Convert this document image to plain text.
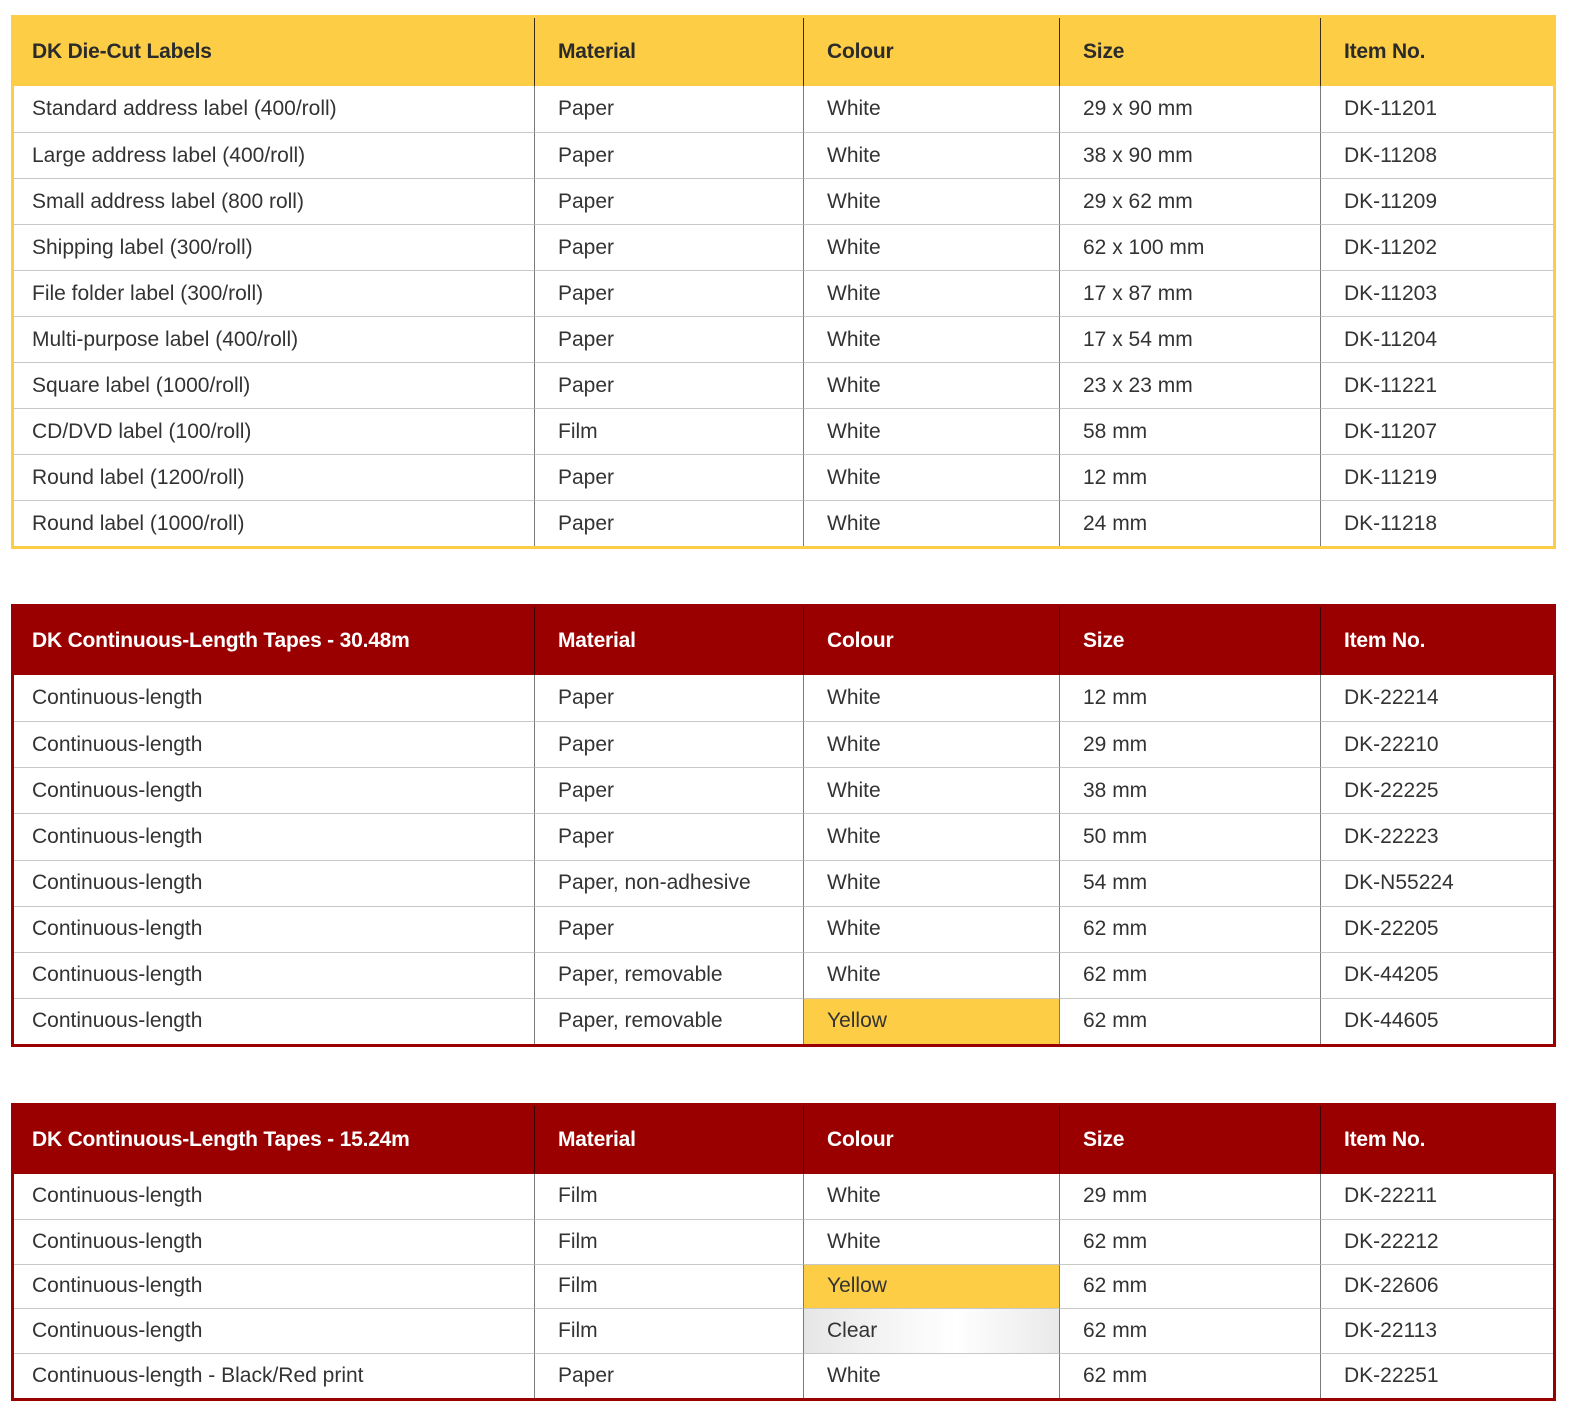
DK Die-Cut Labels	Material	Colour	Size	Item No.
Standard address label (400/roll)	Paper	White	29 x 90 mm	DK-11201
Large address label (400/roll)	Paper	White	38 x 90 mm	DK-11208
Small address label (800 roll)	Paper	White	29 x 62 mm	DK-11209
Shipping label (300/roll)	Paper	White	62 x 100 mm	DK-11202
File folder label (300/roll)	Paper	White	17 x 87 mm	DK-11203
Multi-purpose label (400/roll)	Paper	White	17 x 54 mm	DK-11204
Square label (1000/roll)	Paper	White	23 x 23 mm	DK-11221
CD/DVD label (100/roll)	Film	White	58 mm	DK-11207
Round label (1200/roll)	Paper	White	12 mm	DK-11219
Round label (1000/roll)	Paper	White	24 mm	DK-11218
DK Continuous-Length Tapes - 30.48m	Material	Colour	Size	Item No.
Continuous-length	Paper	White	12 mm	DK-22214
Continuous-length	Paper	White	29 mm	DK-22210
Continuous-length	Paper	White	38 mm	DK-22225
Continuous-length	Paper	White	50 mm	DK-22223
Continuous-length	Paper, non-adhesive	White	54 mm	DK-N55224
Continuous-length	Paper	White	62 mm	DK-22205
Continuous-length	Paper, removable	White	62 mm	DK-44205
Continuous-length	Paper, removable	Yellow	62 mm	DK-44605
DK Continuous-Length Tapes - 15.24m	Material	Colour	Size	Item No.
Continuous-length	Film	White	29 mm	DK-22211
Continuous-length	Film	White	62 mm	DK-22212
Continuous-length	Film	Yellow	62 mm	DK-22606
Continuous-length	Film	Clear	62 mm	DK-22113
Continuous-length - Black/Red print	Paper	White	62 mm	DK-22251
